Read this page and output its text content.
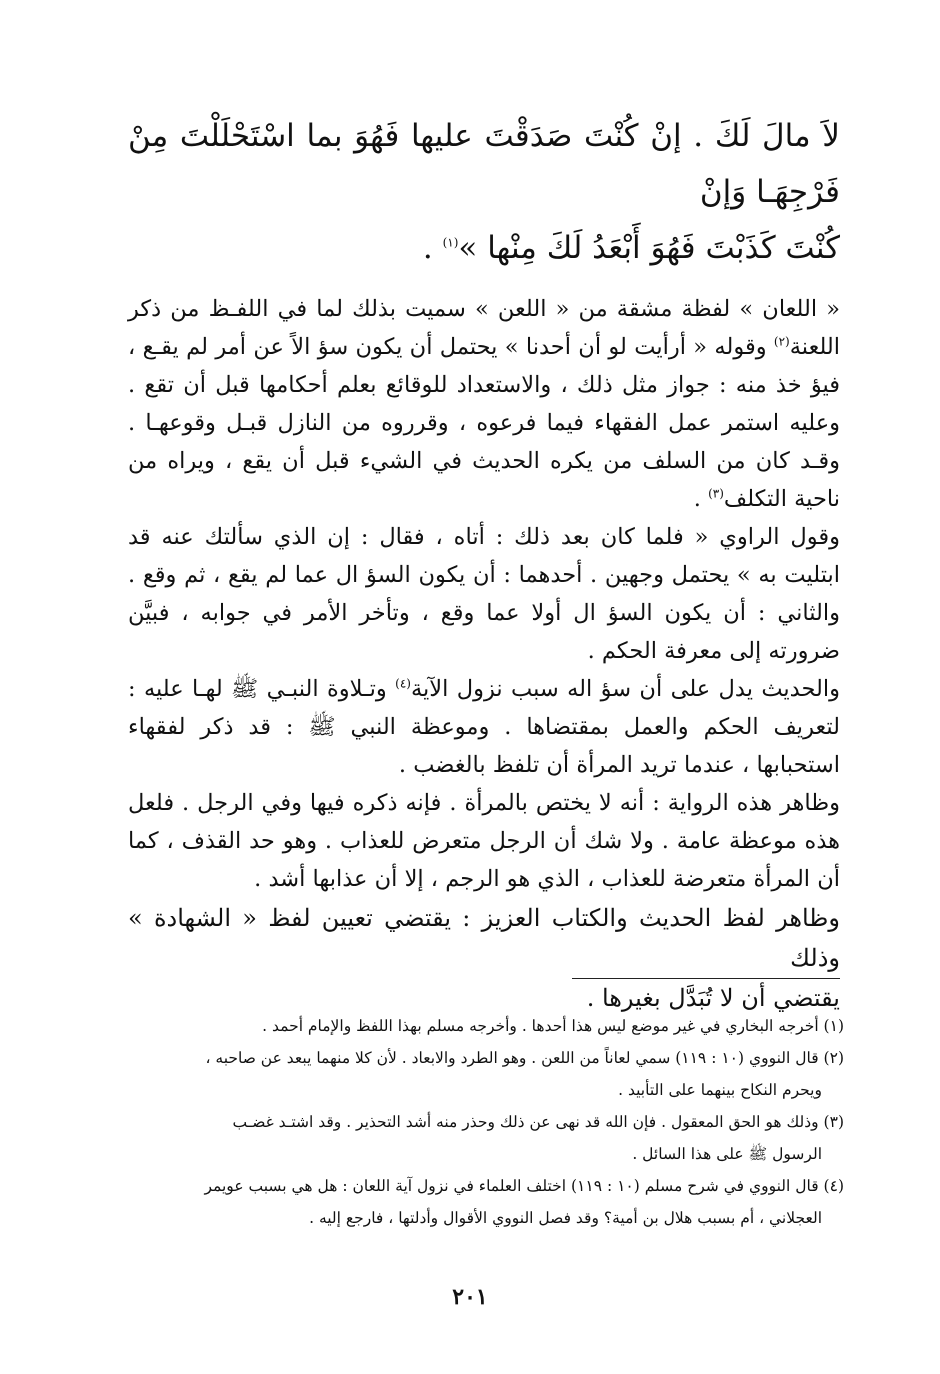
لاَ مالَ لَكَ . إنْ كُنْتَ صَدَقْتَ عليها فَهُوَ بما اسْتَحْلَلْتَ مِنْ فَرْجِهَـا وَإنْ

كُنْتَ كَذَبْتَ فَهُوَ أَبْعَدُ لَكَ مِنْها »$^{(١)}$ .

« اللعان » لفظة مشقة من « اللعن » سميت بذلك لما في اللفـظ من ذكر اللعنة$^{(٢)}$ وقوله « أرأيت لو أن أحدنا » يحتمل أن يكون سؤ الاً عن أمر لم يقـع ، فيؤ خذ منه : جواز مثل ذلك ، والاستعداد للوقائع بعلم أحكامها قبل أن تقع . وعليه استمر عمل الفقهاء فيما فرعوه ، وقرروه من النازل قبـل وقوعهـا . وقـد كان من السلف من يكره الحديث في الشيء قبل أن يقع ، ويراه من ناحية التكلف$^{(٣)}$ .

وقول الراوي « فلما كان بعد ذلك : أتاه ، فقال : إن الذي سألتك عنه قد ابتليت به » يحتمل وجهين . أحدهما : أن يكون السؤ ال عما لم يقع ، ثم وقع . والثاني : أن يكون السؤ ال أولا عما وقع ، وتأخر الأمر في جوابه ، فبيَّن ضرورته إلى معرفة الحكم .

والحديث يدل على أن سؤ اله سبب نزول الآية$^{(٤)}$ وتـلاوة النبـي ﷺ لهـا عليه : لتعريف الحكم والعمل بمقتضاها . وموعظة النبي ﷺ : قد ذكر لفقهاء استحبابها ، عندما تريد المرأة أن تلفظ بالغضب .

وظاهر هذه الرواية : أنه لا يختص بالمرأة . فإنه ذكره فيها وفي الرجل . فلعل هذه موعظة عامة . ولا شك أن الرجل متعرض للعذاب . وهو حد القذف ، كما أن المرأة متعرضة للعذاب ، الذي هو الرجم ، إلا أن عذابها أشد .

وظاهر لفظ الحديث والكتاب العزيز : يقتضي تعيين لفظ « الشهادة » وذلك
يقتضي أن لا تُبَدَّل بغيرها .

(١) أخرجه البخاري في غير موضع ليس هذا أحدها . وأخرجه مسلم بهذا اللفظ والإمام أحمد .

(٢) قال النووي (١٠ : ١١٩) سمي لعاناً من اللعن . وهو الطرد والابعاد . لأن كلا منهما يبعد عن صاحبه ،
ويحرم النكاح بينهما على التأبيد .

(٣) وذلك هو الحق المعقول . فإن الله قد نهى عن ذلك وحذر منه أشد التحذير . وقد اشتـد غضـب
الرسول ﷺ على هذا السائل .

(٤) قال النووي في شرح مسلم (١٠ : ١١٩) اختلف العلماء في نزول آية اللعان : هل هي بسبب عويمر
العجلاني ، أم بسبب هلال بن أمية؟ وقد فصل النووي الأقوال وأدلتها ، فارجع إليه .

٢٠١
